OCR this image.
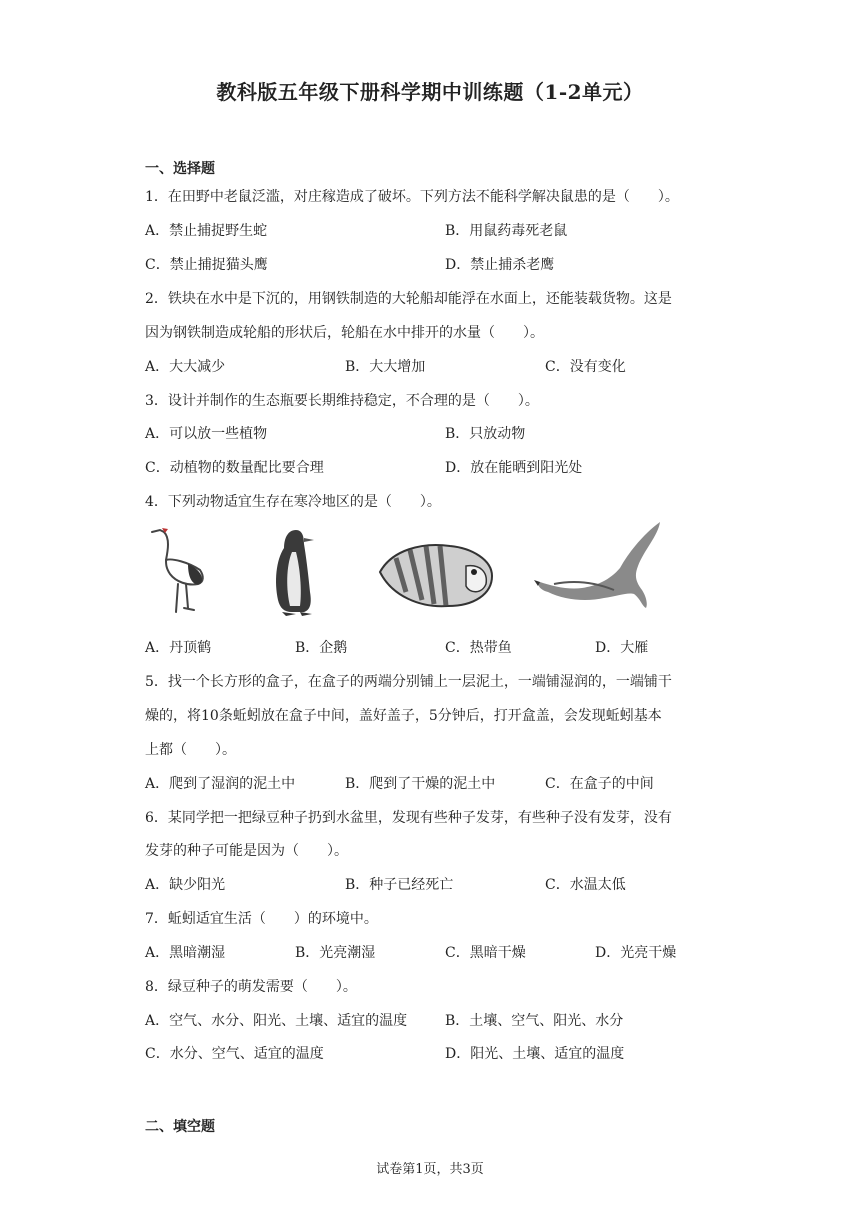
教科版五年级下册科学期中训练题（1-2单元）
一、选择题
1．在田野中老鼠泛滥，对庄稼造成了破坏。下列方法不能科学解决鼠患的是（　　）。
A．禁止捕捉野生蛇	B．用鼠药毒死老鼠
C．禁止捕捉猫头鹰	D．禁止捕杀老鹰
2．铁块在水中是下沉的，用钢铁制造的大轮船却能浮在水面上，还能装载货物。这是
因为钢铁制造成轮船的形状后，轮船在水中排开的水量（　　）。
A．大大减少	B．大大增加	C．没有变化
3．设计并制作的生态瓶要长期维持稳定，不合理的是（　　）。
A．可以放一些植物	B．只放动物
C．动植物的数量配比要合理	D．放在能晒到阳光处
4．下列动物适宜生存在寒冷地区的是（　　）。
A．丹顶鹤	B．企鹅	C．热带鱼	D．大雁
5．找一个长方形的盒子，在盒子的两端分别铺上一层泥土，一端铺湿润的，一端铺干
燥的，将10条蚯蚓放在盒子中间，盖好盖子，5分钟后，打开盒盖，会发现蚯蚓基本
上都（　　）。
A．爬到了湿润的泥土中	B．爬到了干燥的泥土中	C．在盒子的中间
6．某同学把一把绿豆种子扔到水盆里，发现有些种子发芽，有些种子没有发芽，没有
发芽的种子可能是因为（　　）。
A．缺少阳光	B．种子已经死亡	C．水温太低
7．蚯蚓适宜生活（　　）的环境中。
A．黑暗潮湿	B．光亮潮湿	C．黑暗干燥	D．光亮干燥
8．绿豆种子的萌发需要（　　）。
A．空气、水分、阳光、土壤、适宜的温度	B．土壤、空气、阳光、水分
C．水分、空气、适宜的温度	D．阳光、土壤、适宜的温度
二、填空题
试卷第1页，共3页
